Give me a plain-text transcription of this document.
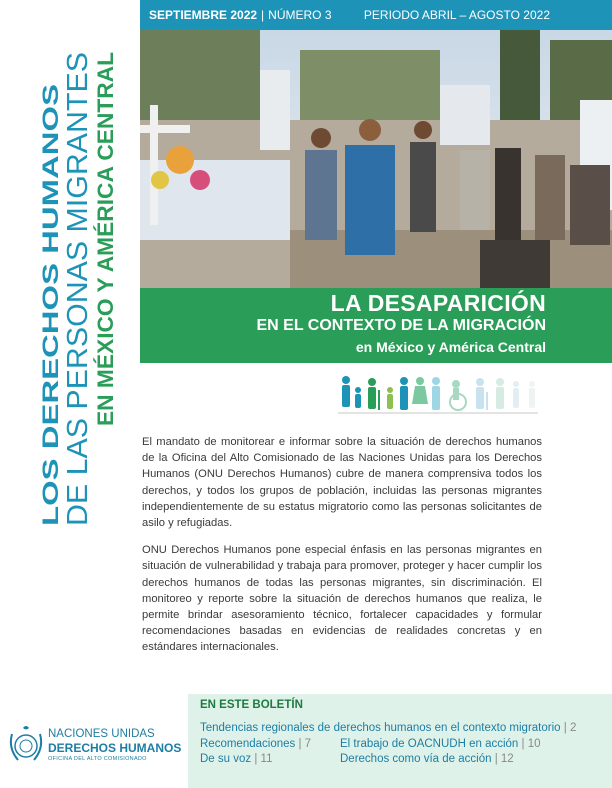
SEPTIEMBRE 2022 | NÚMERO 3	PERIODO ABRIL – AGOSTO 2022
LOS DERECHOS HUMANOS DE LAS PERSONAS MIGRANTES EN MÉXICO Y AMÉRICA CENTRAL	LA DESAPARICIÓN
EN EL CONTEXTO DE LA MIGRACIÓN
en México y América Central

El mandato de monitorear e informar sobre la situación de derechos humanos de la Oficina del Alto Comisionado de las Naciones Unidas para los Derechos Humanos (ONU Derechos Humanos) cubre de manera comprensiva todos los derechos, y todos los grupos de población, incluidas las personas migrantes independientemente de su estatus migratorio como las personas solicitantes de asilo y refugiadas.

ONU Derechos Humanos pone especial énfasis en las personas migrantes en situación de vulnerabilidad y trabaja para promover, proteger y hacer cumplir los derechos humanos de todas las personas migrantes, sin discriminación. El monitoreo y reporte sobre la situación de derechos humanos que realiza, le permite brindar asesoramiento técnico, fortalecer capacidades y formular recomendaciones basadas en evidencias de realidades concretas y en estándares internacionales.

NACIONES UNIDAS
DERECHOS HUMANOS
OFICINA DEL ALTO COMISIONADO
EN ESTE BOLETÍN
Tendencias regionales de derechos humanos en el contexto migratorio | 2
Recomendaciones | 7	El trabajo de OACNUDH en acción | 10
De su voz | 11	Derechos como vía de acción | 12
